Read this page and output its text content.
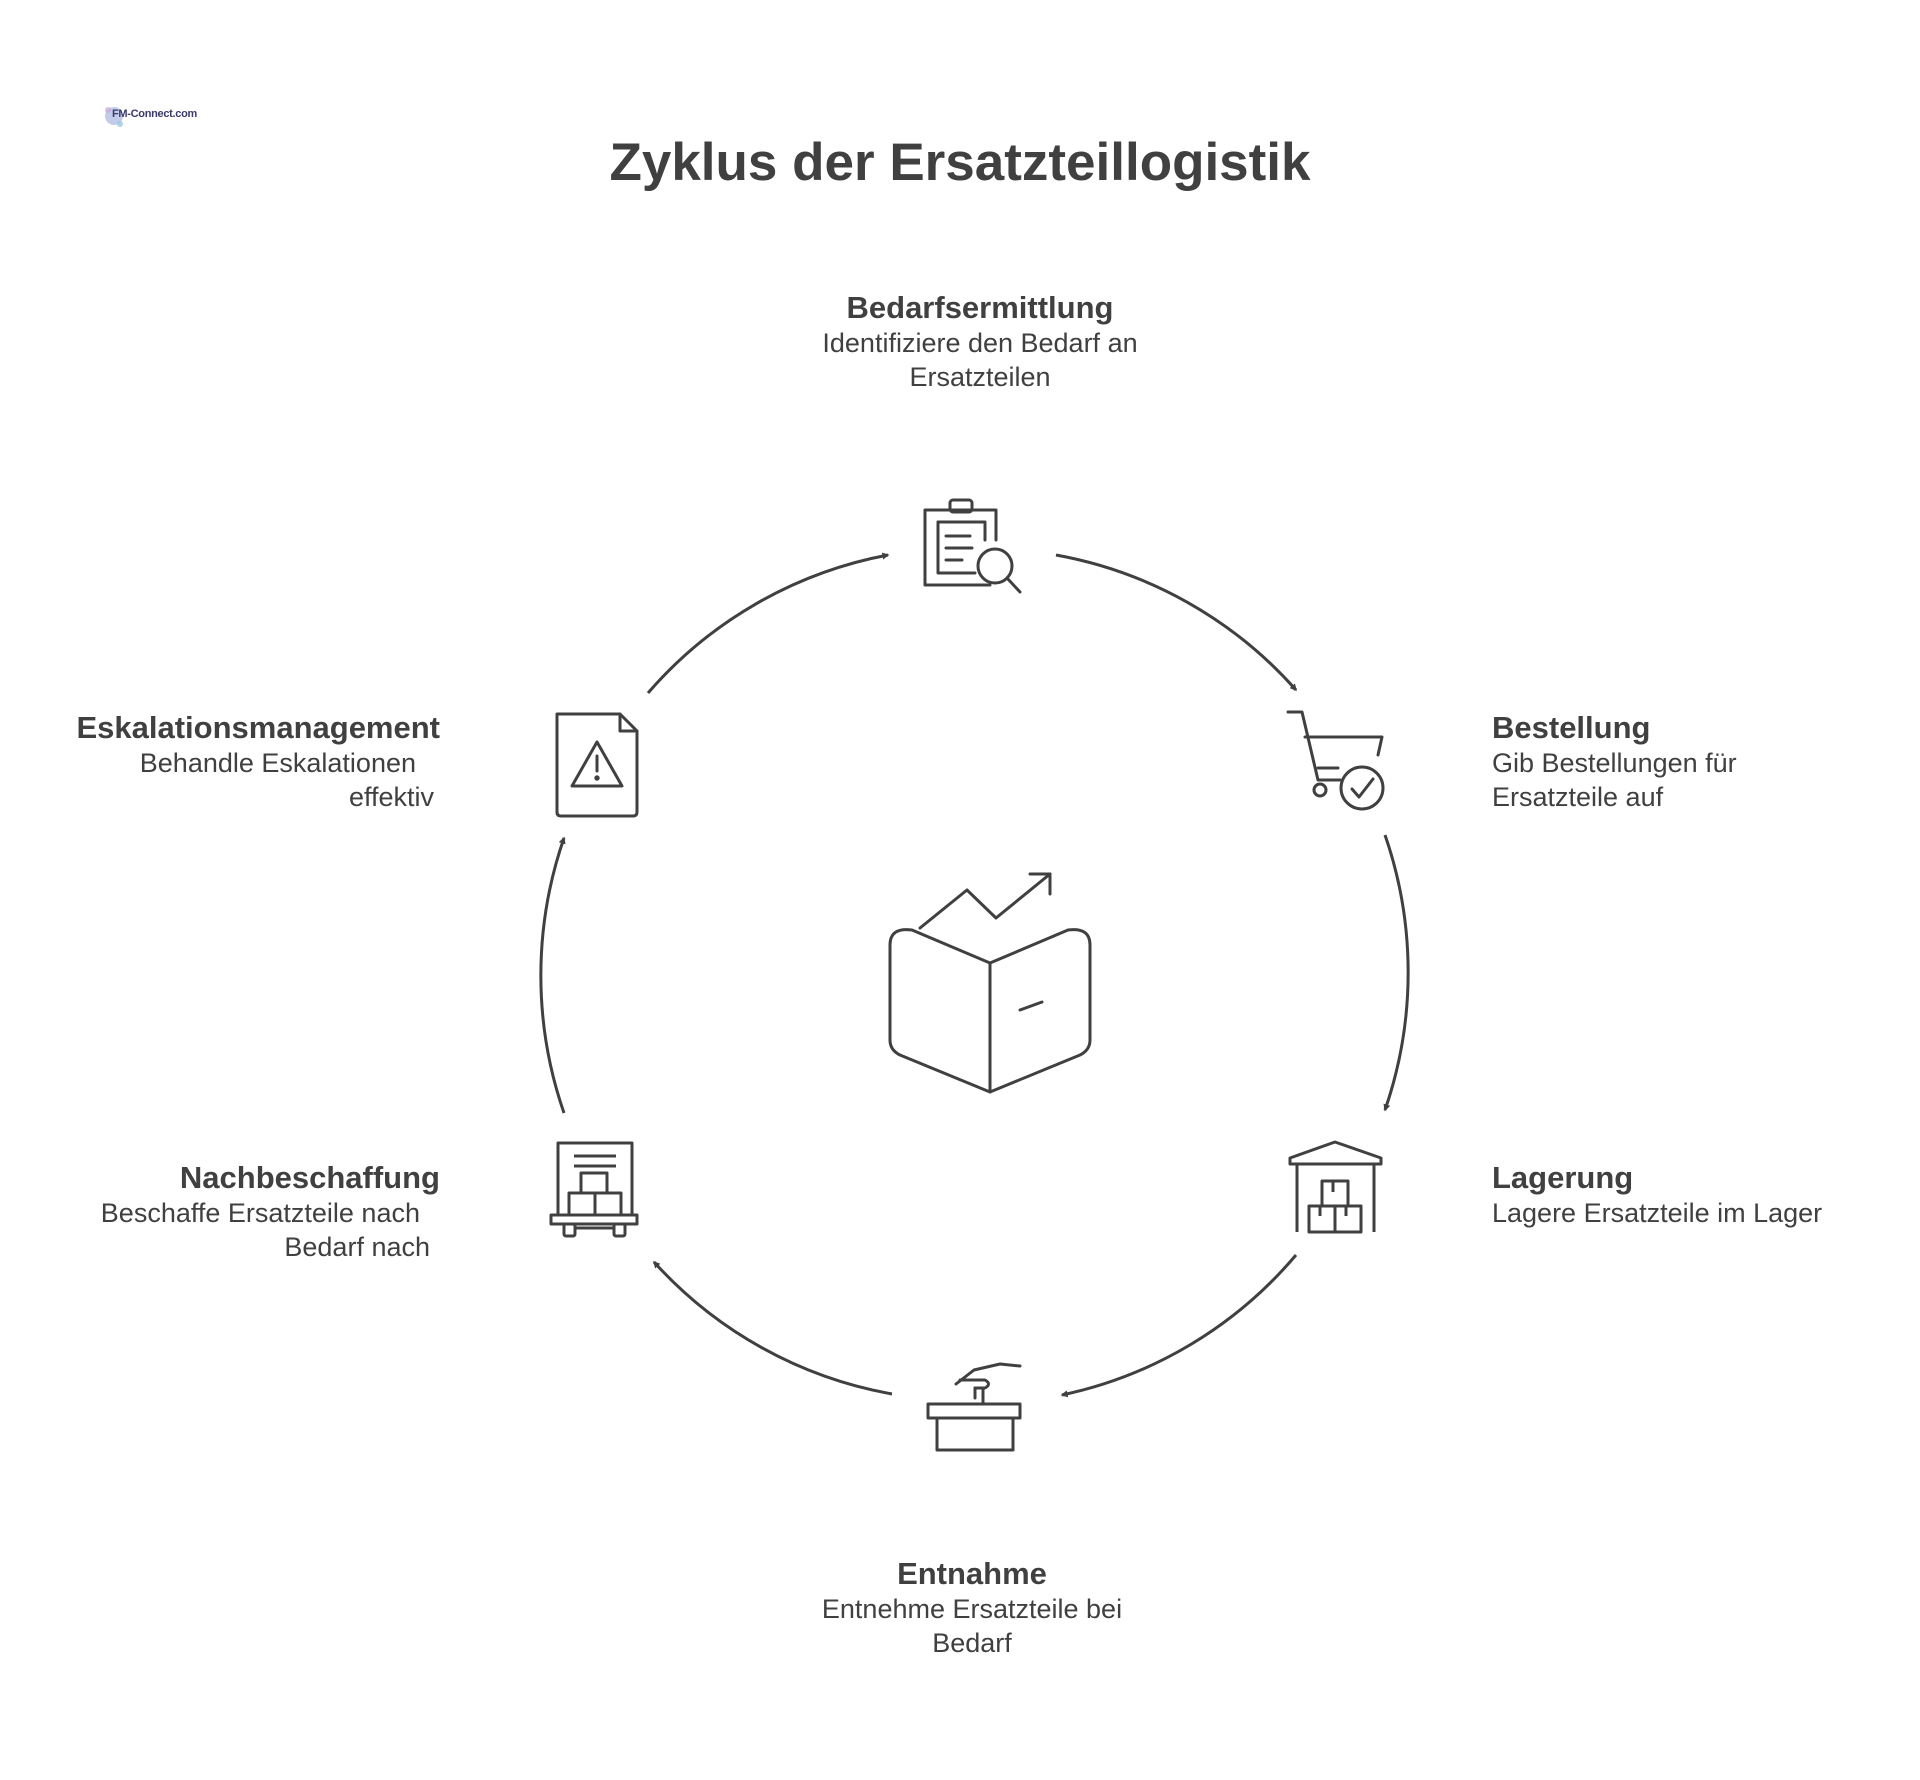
FM-Connect.com
Zyklus der Ersatzteillogistik
Bedarfsermittlung
Identifiziere den Bedarf an
Ersatzteilen
Bestellung
Gib Bestellungen für
Ersatzteile auf
Lagerung
Lagere Ersatzteile im Lager
Entnahme
Entnehme Ersatzteile bei
Bedarf
Nachbeschaffung
Beschaffe Ersatzteile nach
Bedarf nach
Eskalationsmanagement
Behandle Eskalationen
effektiv
